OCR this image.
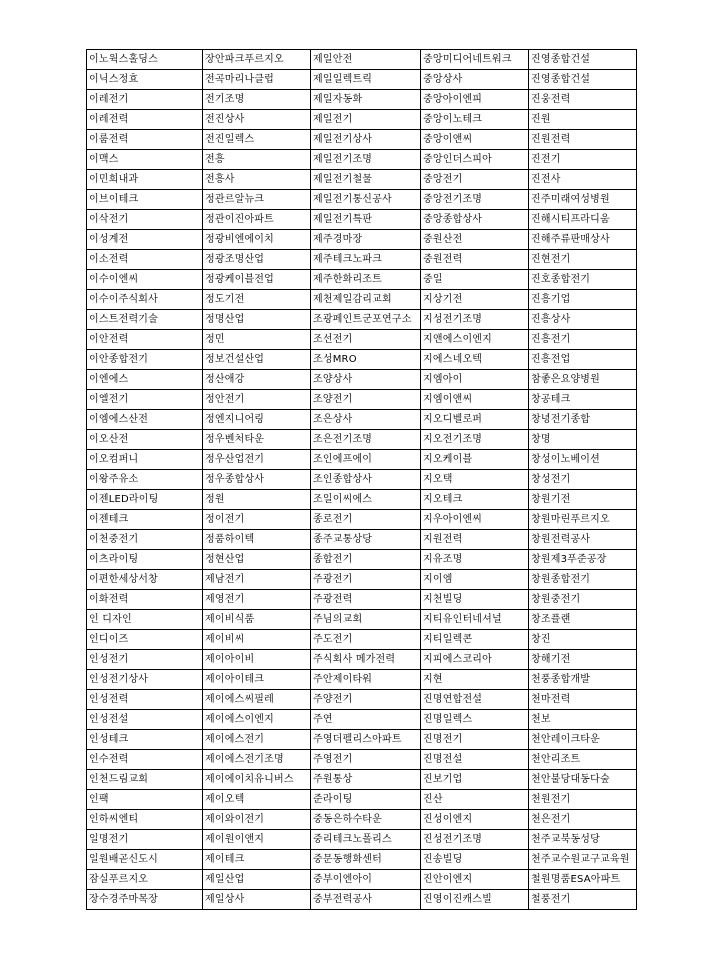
이노웍스홀딩스	장안파크푸르지오	제일안전	중앙미디어네트워크	진영종합건설
이닉스정효	전곡마리나클럽	제일일렉트릭	중앙상사	진영종합건설
이레전기	전기조명	제일자동화	중앙아이엔피	진웅전력
이레전력	전진상사	제일전기	중앙이노테크	진원
이룸전력	전진일렉스	제일전기상사	중앙이앤씨	진원전력
이맥스	전흥	제일전기조명	중앙인더스피아	진전기
이민희내과	전흥사	제일전기철물	중앙전기	진전사
이브이테크	정관르알뉴크	제일전기통신공사	중앙전기조명	진주미래여성병원
이삭전기	정관이진아파트	제일전기특판	중앙종합상사	진해시티프라디움
이성계전	정광비엔에이치	제주경마장	중원산전	진해주류판매상사
이소전력	정광조명산업	제주테크노파크	중원전력	진현전기
이수이엔씨	정광케이블전업	제주한화리조트	중일	진호종합전기
이수이주식회사	정도기전	제천제일감리교회	지상기전	진흥기업
이스트전력기술	정명산업	조광페인트군포연구소	지성전기조명	진흥상사
이안전력	정민	조선전기	지앤에스이엔지	진흥전기
이안종합전기	정보건설산업	조성MRO	지에스네오텍	진흥전업
이엔에스	정산애강	조양상사	지엠아이	참좋은요양병원
이엘전기	정안전기	조양전기	지엠이앤씨	창공테크
이엠에스산전	정엔지니어링	조은상사	지오디벨로퍼	창녕전기종합
이오산전	정우벤처타운	조은전기조명	지오전기조명	창명
이오컴퍼니	정우산업전기	조인에프에이	지오케이블	창성이노베이션
이왕주유소	정우종합상사	조인종합상사	지오택	창성전기
이젠LED라이팅	정원	조일이씨에스	지오테크	창원기전
이젠테크	정이전기	종로전기	지우아이엔씨	창원마린푸르지오
이천중전기	정품하이텍	종주교통상당	지원전력	창원전력공사
이츠라이팅	정현산업	종합전기	지유조명	창원제3푸준공장
이편한세상서창	제남전기	주광전기	지이엠	창원종합전기
이화전력	제영전기	주광전력	지천빌딩	창원중전기
인 디자인	제이비식품	주님의교회	지티유인터네셔널	창조플랜
인디이즈	제이비씨	주도전기	지티일렉콘	창진
인성전기	제이아이비	주식회사 메가전력	지피에스코리아	창해기전
인성전기상사	제이아이테크	주안제이타워	지현	천풍종합개발
인성전력	제이에스씨필레	주양전기	진명연합전설	천마전력
인성전설	제이에스이엔지	주연	진명일렉스	천보
인성테크	제이에스전기	주영더펠리스아파트	진명전기	천안레이크타운
인수전력	제이에스전기조명	주영전기	진명전설	천안리조트
인천드림교회	제이에이치유니버스	주원통상	진보기업	천안불당대동다숲
인팩	제이오텍	준라이팅	진산	천원전기
인하씨엔티	제이와이전기	중동은하수타운	진성이엔지	천은전기
일명전기	제이원이앤지	중리테크노폴리스	진성전기조명	천주교북동성당
일원배곧신도시	제이테크	중문동행화센터	진송빌딩	천주교수원교구교육원
잠실푸르지오	제일산업	중부이엔아이	진안이엔지	철원명품ESA아파트
장수경주마목장	제일상사	중부전력공사	진영이진캐스빌	철풍전기
